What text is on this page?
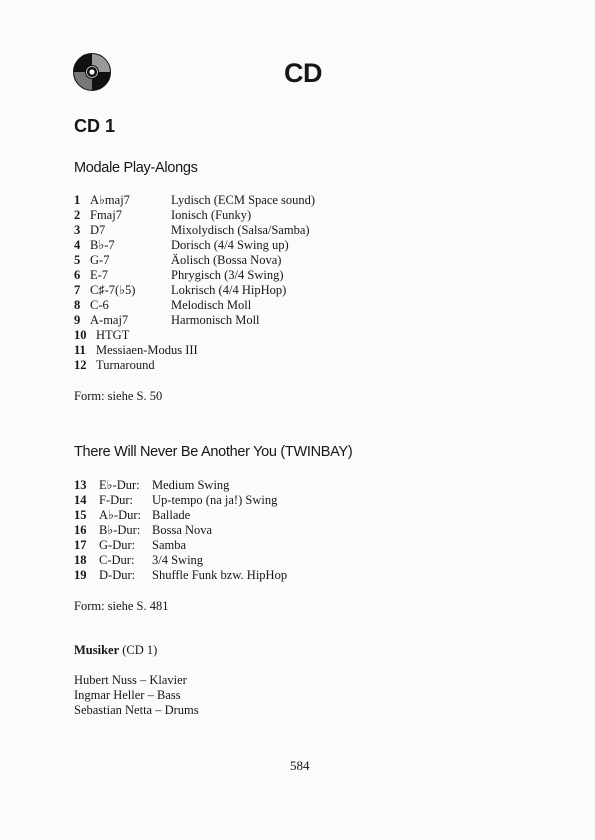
CD
CD 1
Modale Play-Alongs
1 A♭maj7	Lydisch (ECM Space sound)
2 Fmaj7	Ionisch (Funky)
3 D7	Mixolydisch (Salsa/Samba)
4 B♭-7	Dorisch (4/4 Swing up)
5 G-7	Äolisch (Bossa Nova)
6 E-7	Phrygisch (3/4 Swing)
7 C♯-7(♭5)	Lokrisch (4/4 HipHop)
8 C-6	Melodisch Moll
9 A-maj7	Harmonisch Moll
10 HTGT
11 Messiaen-Modus III
12 Turnaround
Form: siehe S. 50
There Will Never Be Another You (TWINBAY)
13 E♭-Dur: Medium Swing
14 F-Dur: Up-tempo (na ja!) Swing
15 A♭-Dur: Ballade
16 B♭-Dur: Bossa Nova
17 G-Dur: Samba
18 C-Dur: 3/4 Swing
19 D-Dur: Shuffle Funk bzw. HipHop
Form: siehe S. 481
Musiker (CD 1)
Hubert Nuss – Klavier
Ingmar Heller – Bass
Sebastian Netta – Drums
584
